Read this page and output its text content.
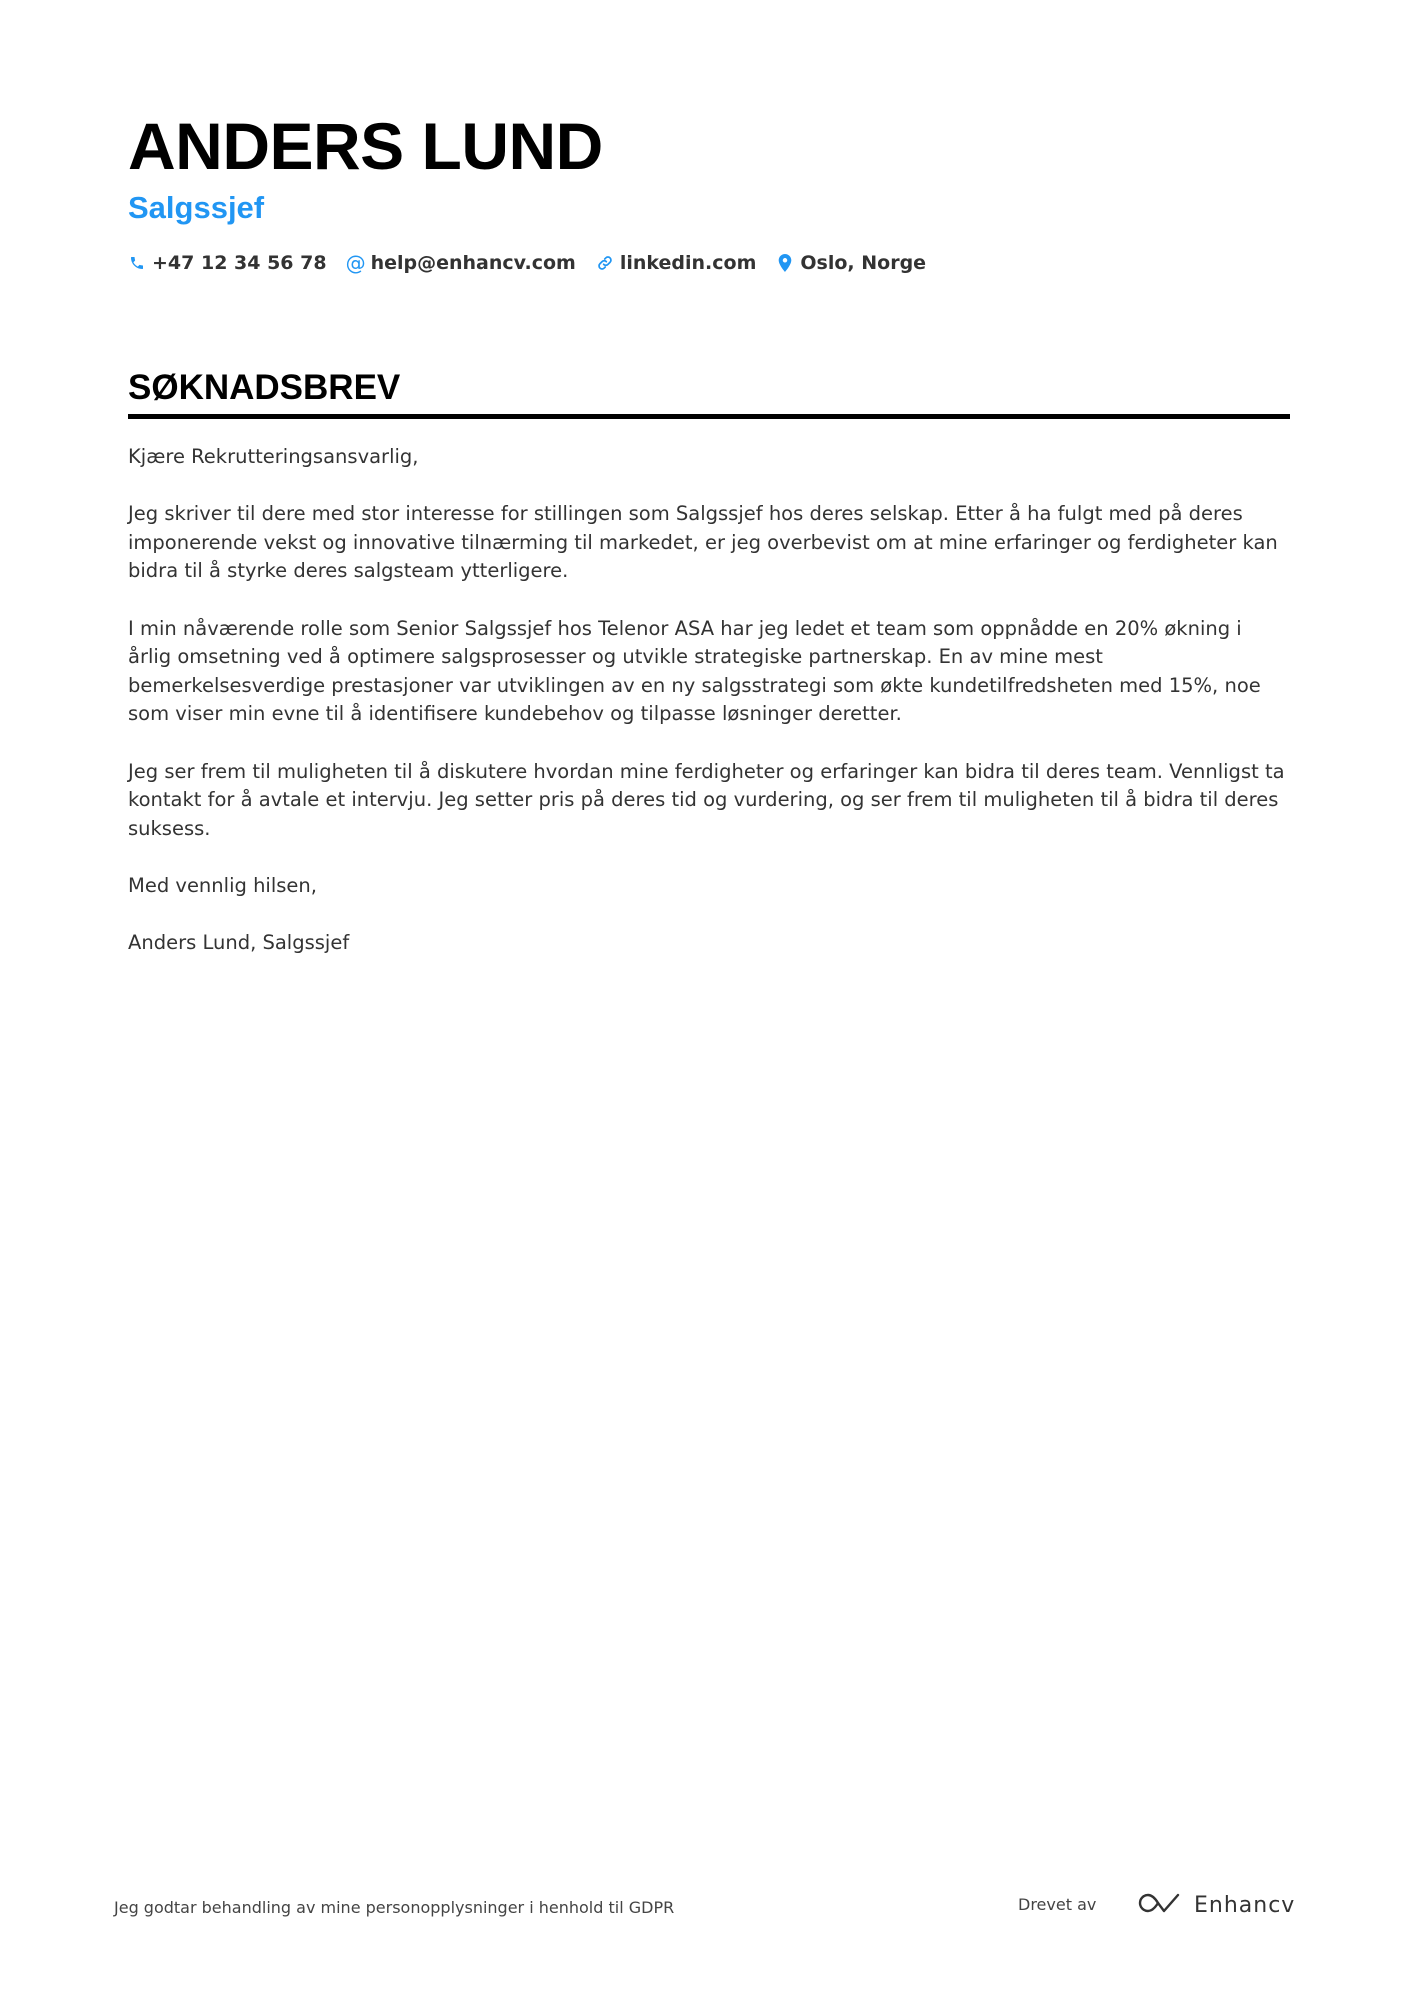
ANDERS LUND
Salgssjef
+47 12 34 56 78 @ help@enhancv.com linkedin.com Oslo, Norge
SØKNADSBREV

Kjære Rekrutteringsansvarlig,

Jeg skriver til dere med stor interesse for stillingen som Salgssjef hos deres selskap. Etter å ha fulgt med på deres imponerende vekst og innovative tilnærming til markedet, er jeg overbevist om at mine erfaringer og ferdigheter kan bidra til å styrke deres salgsteam ytterligere.

I min nåværende rolle som Senior Salgssjef hos Telenor ASA har jeg ledet et team som oppnådde en 20% økning i årlig omsetning ved å optimere salgsprosesser og utvikle strategiske partnerskap. En av mine mest bemerkelsesverdige prestasjoner var utviklingen av en ny salgsstrategi som økte kundetilfredsheten med 15%, noe som viser min evne til å identifisere kundebehov og tilpasse løsninger deretter.

Jeg ser frem til muligheten til å diskutere hvordan mine ferdigheter og erfaringer kan bidra til deres team. Vennligst ta kontakt for å avtale et intervju. Jeg setter pris på deres tid og vurdering, og ser frem til muligheten til å bidra til deres suksess.

Med vennlig hilsen,

Anders Lund, Salgssjef

Jeg godtar behandling av mine personopplysninger i henhold til GDPR	Drevet av	Enhancv
